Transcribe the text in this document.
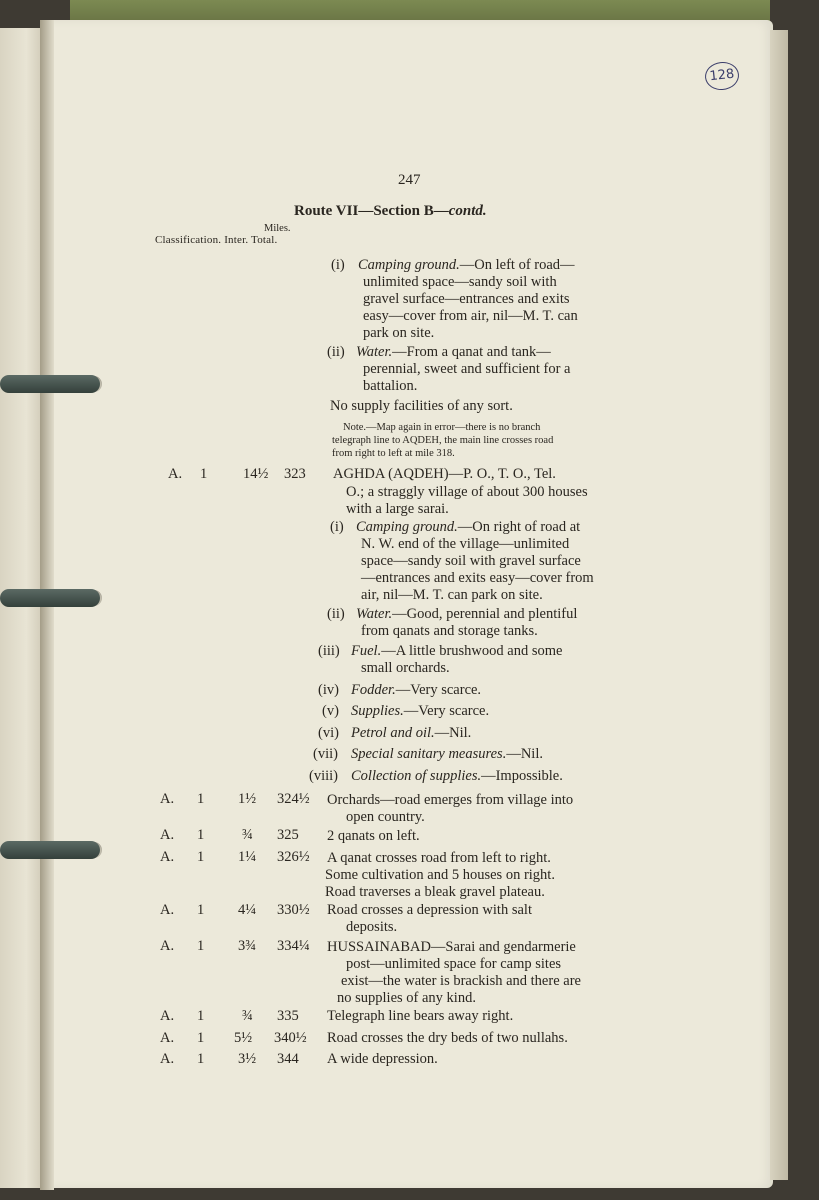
128
247
Route VII—Section B—contd.
Miles.
Classification. Inter. Total.
(i) Camping ground.—On left of road—
unlimited space—sandy soil with
gravel surface—entrances and exits
easy—cover from air, nil—M. T. can
park on site.
(ii) Water.—From a qanat and tank—
perennial, sweet and sufficient for a
battalion.
No supply facilities of any sort.
Note.—Map again in error—there is no branch
telegraph line to AQDEH, the main line crosses road
from right to left at mile 318.
A. 1 14½ 323 AGHDA (AQDEH)—P. O., T. O., Tel.
O.; a straggly village of about 300 houses
with a large sarai.
(i) Camping ground.—On right of road at
N. W. end of the village—unlimited
space—sandy soil with gravel surface
—entrances and exits easy—cover from
air, nil—M. T. can park on site.
(ii) Water.—Good, perennial and plentiful
from qanats and storage tanks.
(iii) Fuel.—A little brushwood and some
small orchards.
(iv) Fodder.—Very scarce.
(v) Supplies.—Very scarce.
(vi) Petrol and oil.—Nil.
(vii) Special sanitary measures.—Nil.
(viii) Collection of supplies.—Impossible.
A. 1 1½ 324½ Orchards—road emerges from village into
open country.
A. 1	¾ 325 2 qanats on left.
A. 1 1¼ 326½ A qanat crosses road from left to right.
Some cultivation and 5 houses on right.
Road traverses a bleak gravel plateau.
A. 1 4¼ 330½ Road crosses a depression with salt
deposits.
A. 1 3¾ 334¼ HUSSAINABAD—Sarai and gendarmerie
post—unlimited space for camp sites
exist—the water is brackish and there are
no supplies of any kind.
A. 1	¾ 335 Telegraph line bears away right.
A. 1 5½ 340½ Road crosses the dry beds of two nullahs.
A. 1 3½ 344 A wide depression.
